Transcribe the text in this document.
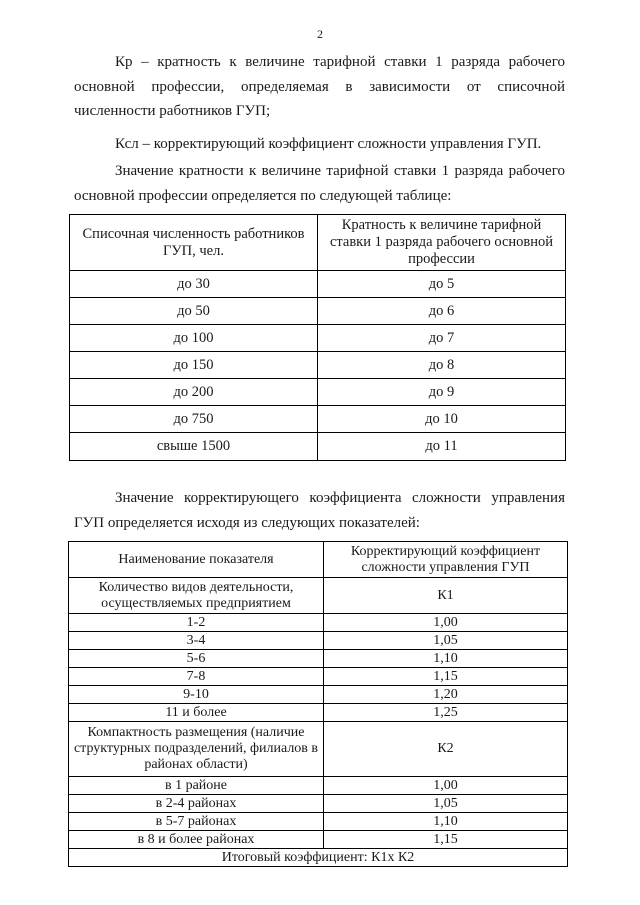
2

Кр – кратность к величине тарифной ставки 1 разряда рабочего основной профессии, определяемая в зависимости от списочной численности работников ГУП;

Ксл – корректирующий коэффициент сложности управления ГУП.

Значение кратности к величине тарифной ставки 1 разряда рабочего основной профессии определяется по следующей таблице:

Списочная численность работников ГУП, чел.	Кратность к величине тарифной ставки 1 разряда рабочего основной профессии
до 30	до 5
до 50	до 6
до 100	до 7
до 150	до 8
до 200	до 9
до 750	до 10
свыше 1500	до 11

Значение корректирующего коэффициента сложности управления ГУП определяется исходя из следующих показателей:

Наименование показателя	Корректирующий коэффициент сложности управления ГУП
Количество видов деятельности, осуществляемых предприятием	К1
1-2	1,00
3-4	1,05
5-6	1,10
7-8	1,15
9-10	1,20
11 и более	1,25
Компактность размещения (наличие структурных подразделений, филиалов в районах области)	К2
в 1 районе	1,00
в 2-4 районах	1,05
в 5-7 районах	1,10
в 8 и более районах	1,15
Итоговый коэффициент: К1х К2	
